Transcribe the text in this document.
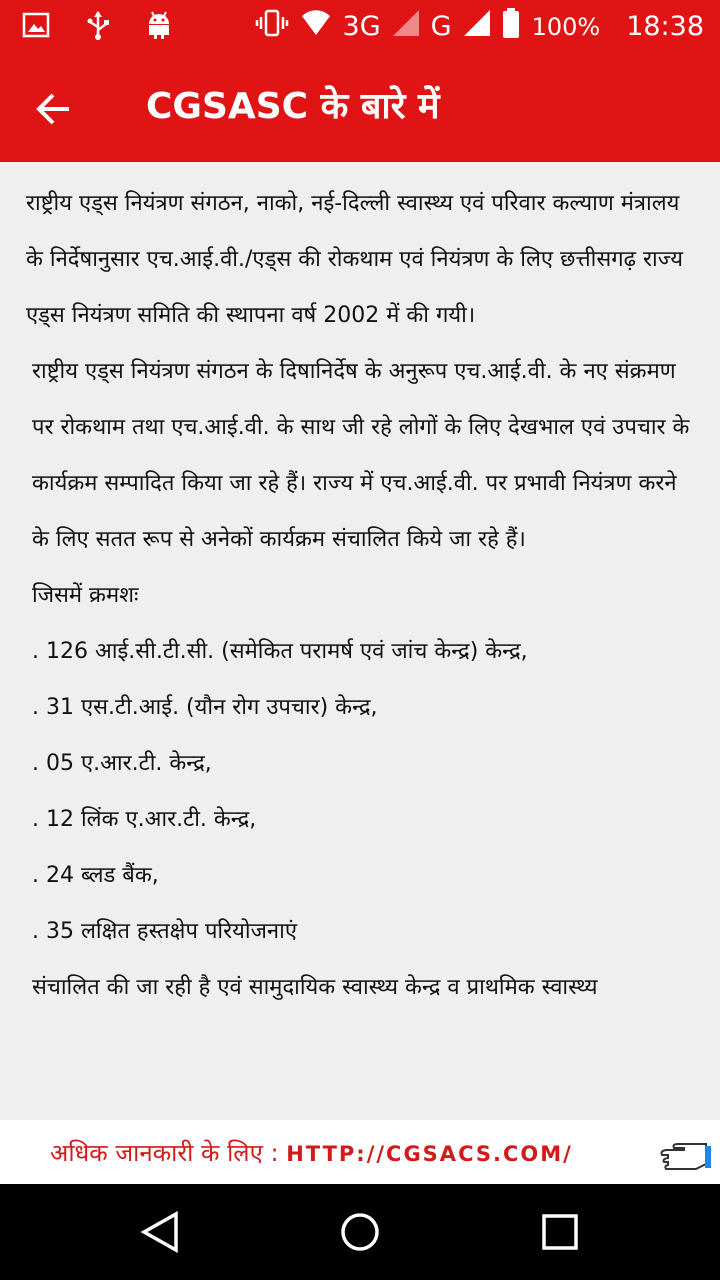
3G G	100% 18:38
CGSASC के बारे में

राष्ट्रीय एड्स नियंत्रण संगठन, नाको, नई-दिल्ली स्वास्थ्य एवं परिवार कल्याण मंत्रालय के निर्देषानुसार एच.आई.वी./एड्स की रोकथाम एवं नियंत्रण के लिए छत्तीसगढ़ राज्य एड्स नियंत्रण समिति की स्थापना वर्ष 2002 में की गयी।

राष्ट्रीय एड्स नियंत्रण संगठन के दिषानिर्देष के अनुरूप एच.आई.वी. के नए संक्रमण पर रोकथाम तथा एच.आई.वी. के साथ जी रहे लोगों के लिए देखभाल एवं उपचार के कार्यक्रम सम्पादित किया जा रहे हैं। राज्य में एच.आई.वी. पर प्रभावी नियंत्रण करने के लिए सतत रूप से अनेकों कार्यक्रम संचालित किये जा रहे हैं।

जिसमें क्रमशः
. 126 आई.सी.टी.सी. (समेकित परामर्ष एवं जांच केन्द्र) केन्द्र,
. 31 एस.टी.आई. (यौन रोग उपचार) केन्द्र,
. 05 ए.आर.टी. केन्द्र,
. 12 लिंक ए.आर.टी. केन्द्र,
. 24 ब्लड बैंक,
. 35 लक्षित हस्तक्षेप परियोजनाएं
संचालित की जा रही है एवं सामुदायिक स्वास्थ्य केन्द्र व प्राथमिक स्वास्थ्य
अधिक जानकारी के लिए : HTTP://CGSACS.COM/
